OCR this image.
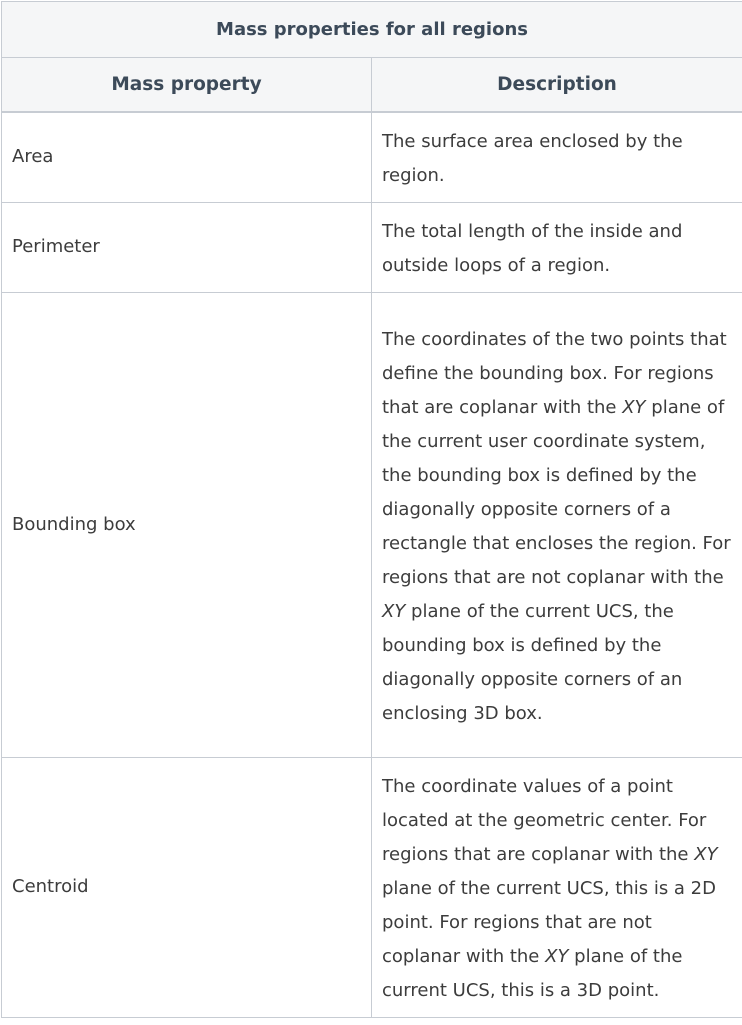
Mass properties for all regions	
Mass property	Description
Area	The surface area enclosed by the region.
Perimeter	The total length of the inside and outside loops of a region.
Bounding box	The coordinates of the two points that define the bounding box. For regions that are coplanar with the XY plane of the current user coordinate system, the bounding box is defined by the diagonally opposite corners of a rectangle that encloses the region. For regions that are not coplanar with the XY plane of the current UCS, the bounding box is defined by the diagonally opposite corners of an enclosing 3D box.
Centroid	The coordinate values of a point located at the geometric center. For regions that are coplanar with the XY plane of the current UCS, this is a 2D point. For regions that are not coplanar with the XY plane of the current UCS, this is a 3D point.
